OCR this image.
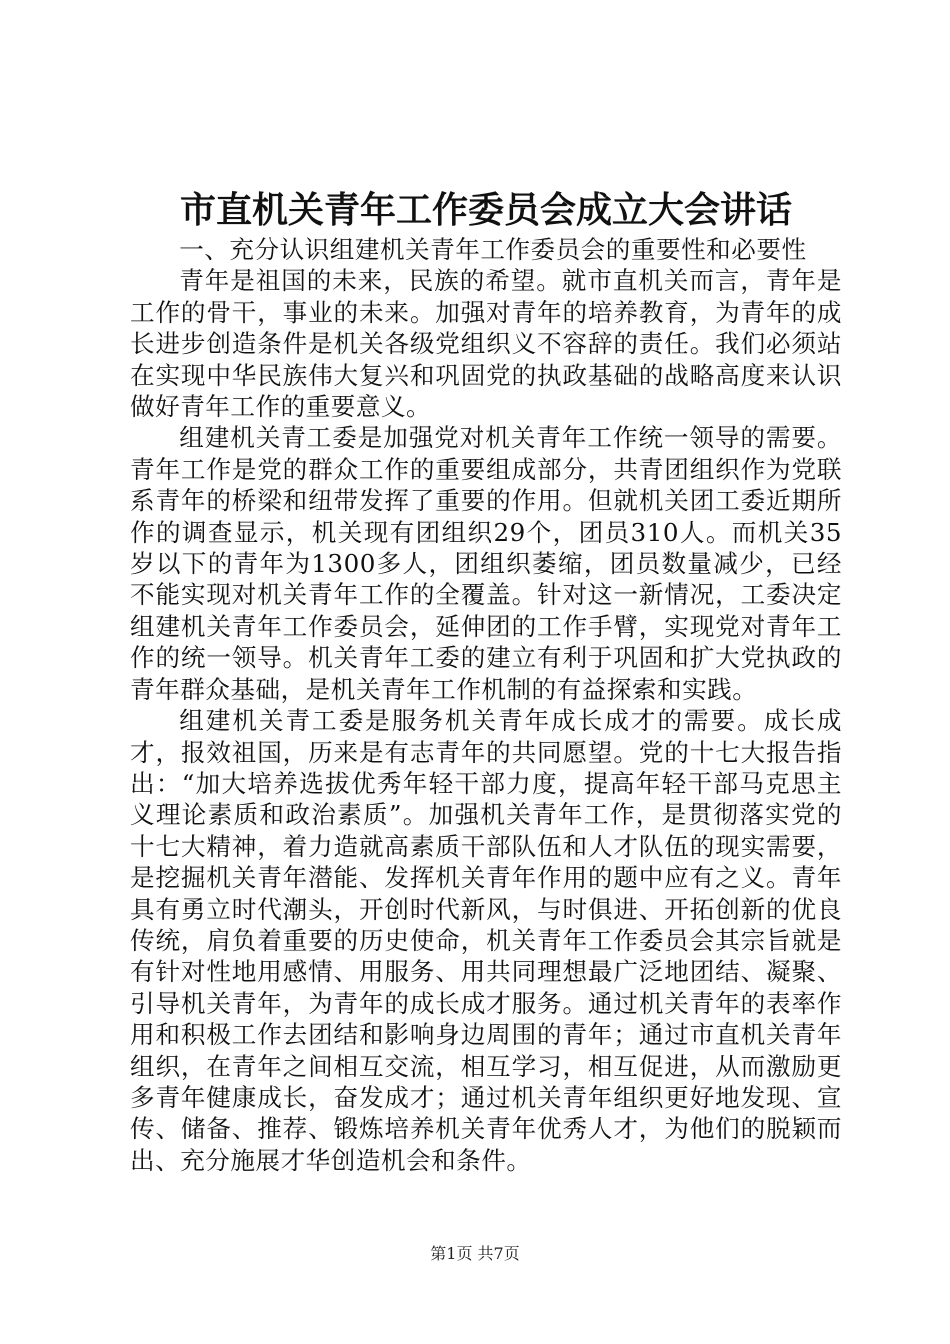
市直机关青年工作委员会成立大会讲话

一、充分认识组建机关青年工作委员会的重要性和必要性

青年是祖国的未来，民族的希望。就市直机关而言，青年是工作的骨干，事业的未来。加强对青年的培养教育，为青年的成长进步创造条件是机关各级党组织义不容辞的责任。我们必须站在实现中华民族伟大复兴和巩固党的执政基础的战略高度来认识做好青年工作的重要意义。

组建机关青工委是加强党对机关青年工作统一领导的需要。青年工作是党的群众工作的重要组成部分，共青团组织作为党联系青年的桥梁和纽带发挥了重要的作用。但就机关团工委近期所作的调查显示，机关现有团组织29个，团员310人。而机关35岁以下的青年为1300多人，团组织萎缩，团员数量减少，已经不能实现对机关青年工作的全覆盖。针对这一新情况，工委决定组建机关青年工作委员会，延伸团的工作手臂，实现党对青年工作的统一领导。机关青年工委的建立有利于巩固和扩大党执政的青年群众基础，是机关青年工作机制的有益探索和实践。

组建机关青工委是服务机关青年成长成才的需要。成长成才，报效祖国，历来是有志青年的共同愿望。党的十七大报告指出：“加大培养选拔优秀年轻干部力度，提高年轻干部马克思主义理论素质和政治素质”。加强机关青年工作，是贯彻落实党的十七大精神，着力造就高素质干部队伍和人才队伍的现实需要，是挖掘机关青年潜能、发挥机关青年作用的题中应有之义。青年具有勇立时代潮头，开创时代新风，与时俱进、开拓创新的优良传统，肩负着重要的历史使命，机关青年工作委员会其宗旨就是有针对性地用感情、用服务、用共同理想最广泛地团结、凝聚、引导机关青年，为青年的成长成才服务。通过机关青年的表率作用和积极工作去团结和影响身边周围的青年；通过市直机关青年组织，在青年之间相互交流，相互学习，相互促进，从而激励更多青年健康成长，奋发成才；通过机关青年组织更好地发现、宣传、储备、推荐、锻炼培养机关青年优秀人才，为他们的脱颖而出、充分施展才华创造机会和条件。

第1页 共7页
